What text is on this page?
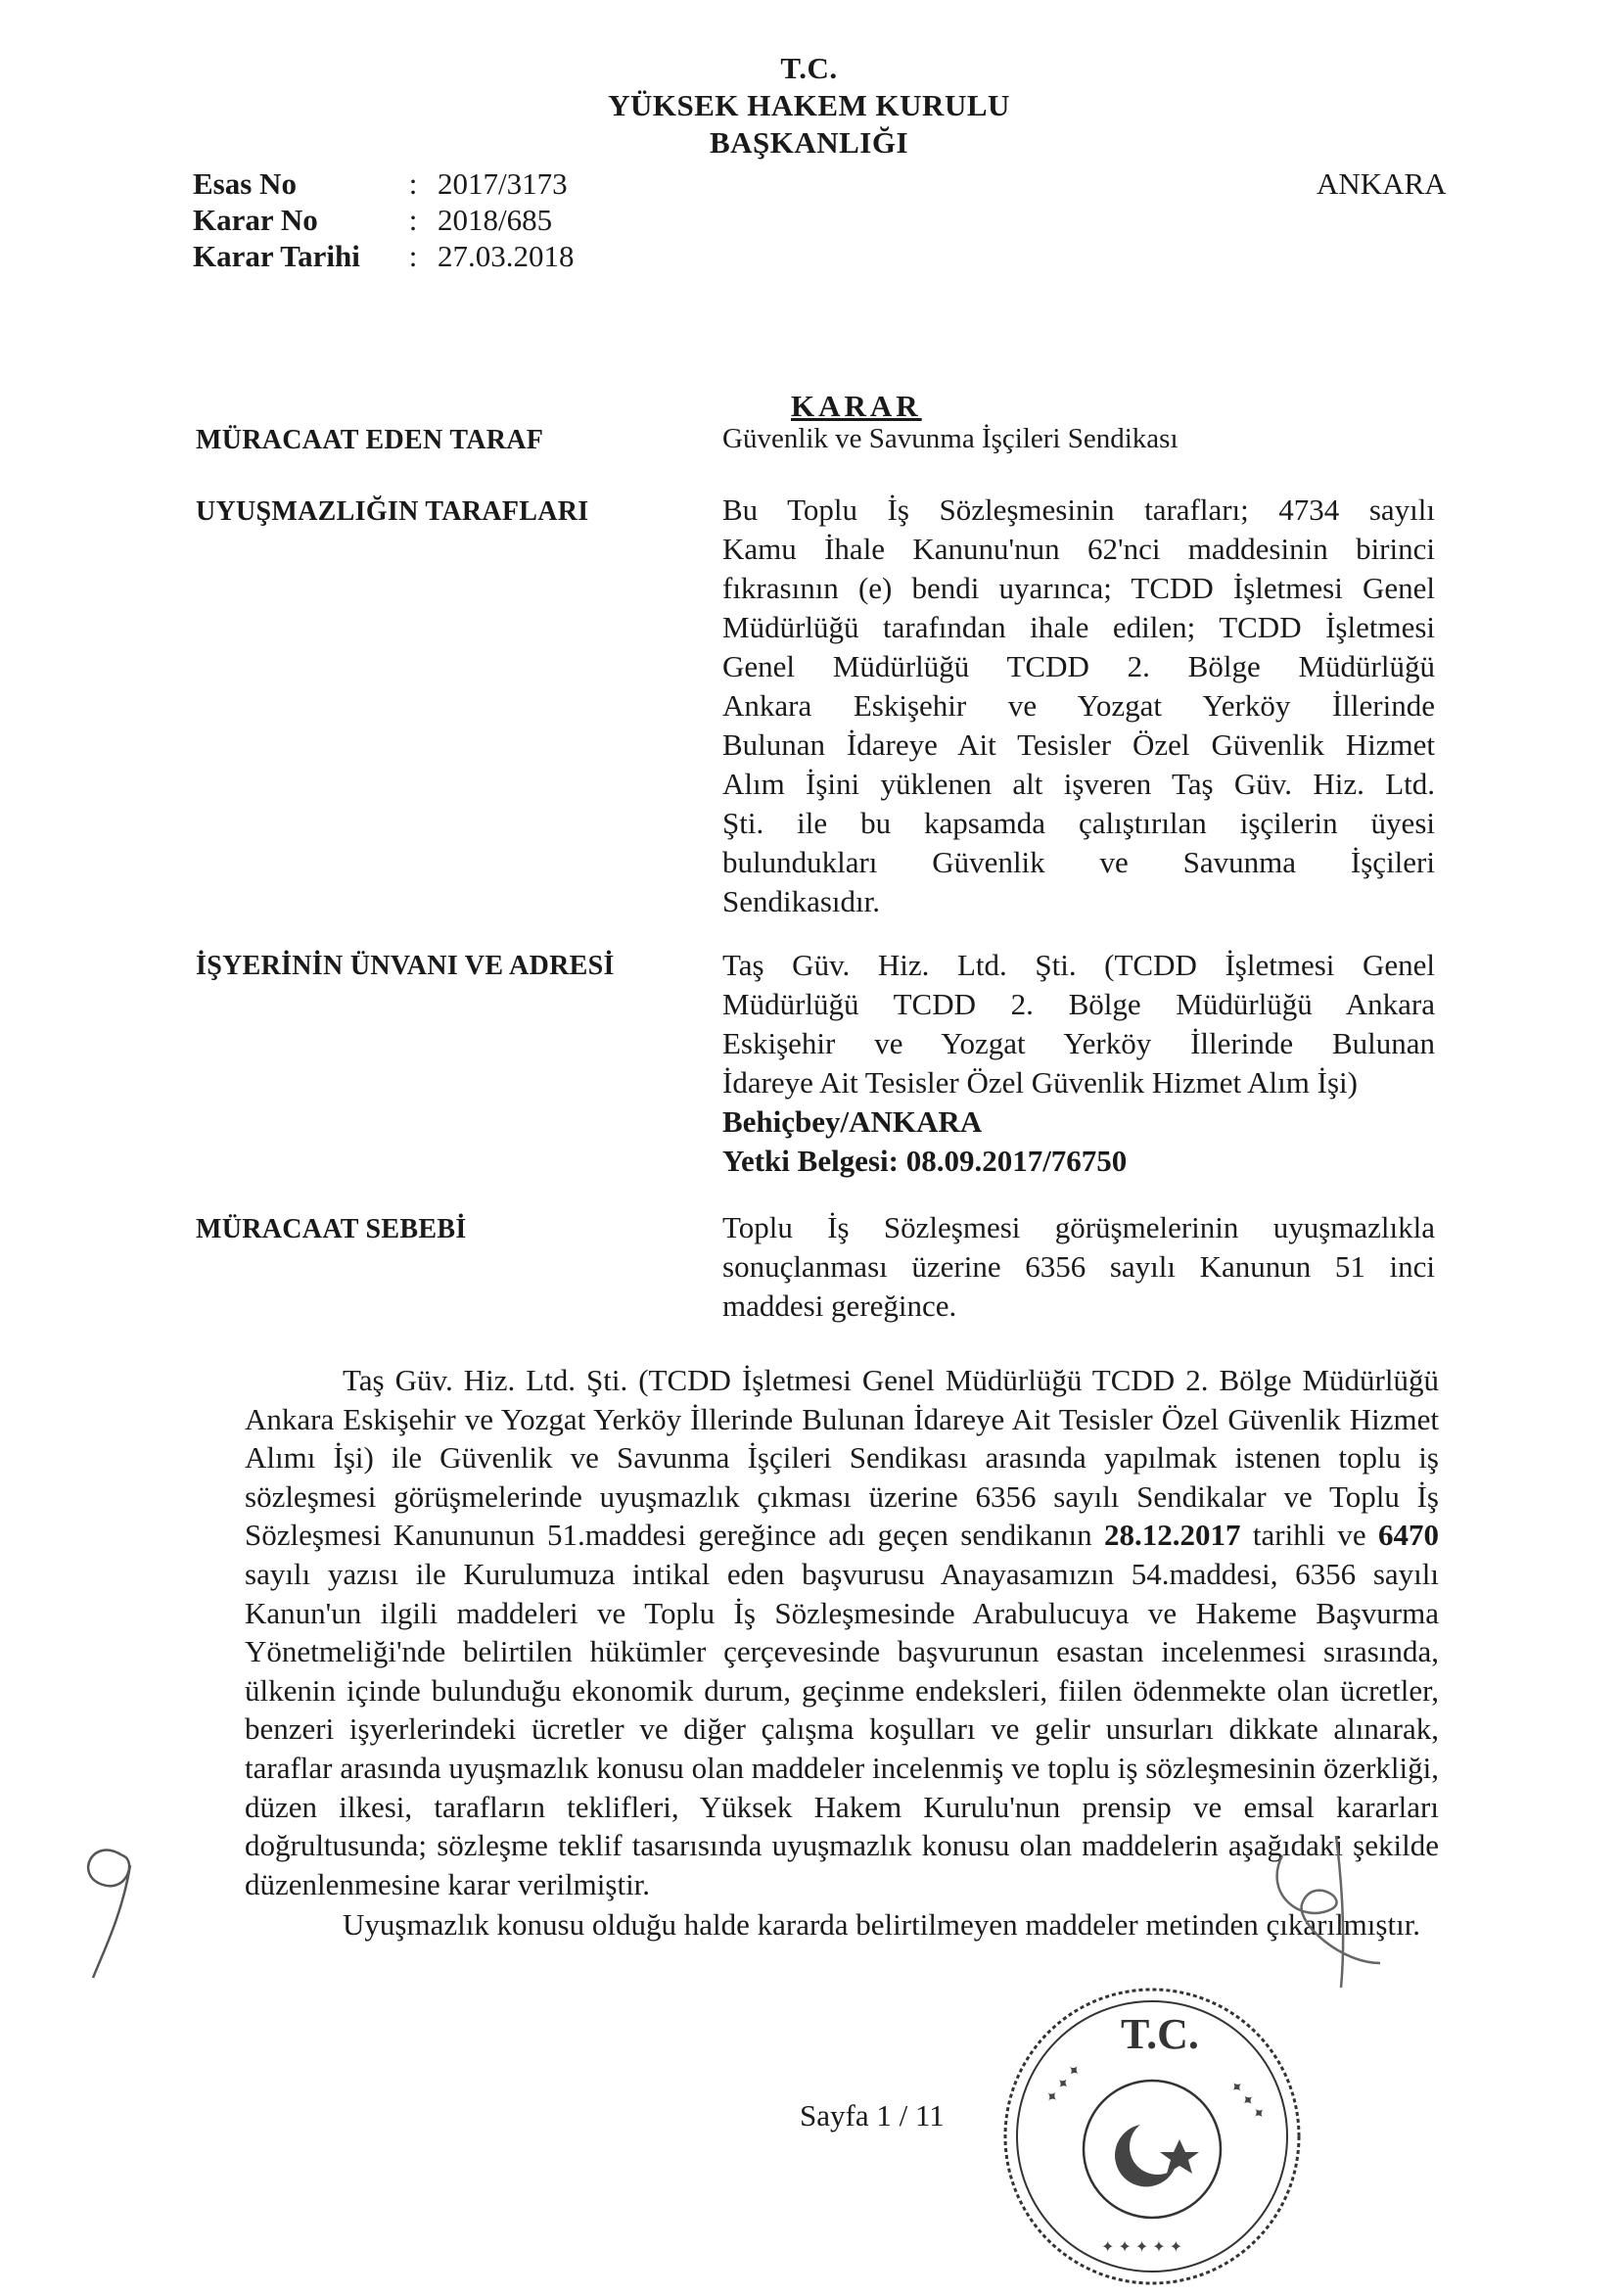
T.C.
YÜKSEK HAKEM KURULU
BAŞKANLIĞI
ANKARA
Esas No	: 2017/3173
Karar No	: 2018/685
Karar Tarihi	: 27.03.2018
KARAR
MÜRACAAT EDEN TARAF	Güvenlik ve Savunma İşçileri Sendikası
UYUŞMAZLIĞIN TARAFLARI	Bu Toplu İş Sözleşmesinin tarafları; 4734 sayılı
Kamu İhale Kanunu'nun 62'nci maddesinin birinci
fıkrasının (e) bendi uyarınca; TCDD İşletmesi Genel
Müdürlüğü tarafından ihale edilen; TCDD İşletmesi
Genel Müdürlüğü TCDD 2. Bölge Müdürlüğü
Ankara Eskişehir ve Yozgat Yerköy İllerinde
Bulunan İdareye Ait Tesisler Özel Güvenlik Hizmet
Alım İşini yüklenen alt işveren Taş Güv. Hiz. Ltd.
Şti. ile bu kapsamda çalıştırılan işçilerin üyesi
bulundukları Güvenlik ve Savunma İşçileri
Sendikasıdır.
İŞYERİNİN ÜNVANI VE ADRESİ	Taş Güv. Hiz. Ltd. Şti. (TCDD İşletmesi Genel
Müdürlüğü TCDD 2. Bölge Müdürlüğü Ankara
Eskişehir ve Yozgat Yerköy İllerinde Bulunan
İdareye Ait Tesisler Özel Güvenlik Hizmet Alım İşi)
Behiçbey/ANKARA
Yetki Belgesi: 08.09.2017/76750
MÜRACAAT SEBEBİ	Toplu İş Sözleşmesi görüşmelerinin uyuşmazlıkla
sonuçlanması üzerine 6356 sayılı Kanunun 51 inci
maddesi gereğince.
Taş Güv. Hiz. Ltd. Şti. (TCDD İşletmesi Genel Müdürlüğü TCDD 2. Bölge Müdürlüğü Ankara Eskişehir ve Yozgat Yerköy İllerinde Bulunan İdareye Ait Tesisler Özel Güvenlik Hizmet Alımı İşi) ile Güvenlik ve Savunma İşçileri Sendikası arasında yapılmak istenen toplu iş sözleşmesi görüşmelerinde uyuşmazlık çıkması üzerine 6356 sayılı Sendikalar ve Toplu İş Sözleşmesi Kanununun 51.maddesi gereğince adı geçen sendikanın 28.12.2017 tarihli ve 6470 sayılı yazısı ile Kurulumuza intikal eden başvurusu Anayasamızın 54.maddesi, 6356 sayılı Kanun'un ilgili maddeleri ve Toplu İş Sözleşmesinde Arabulucuya ve Hakeme Başvurma Yönetmeliği'nde belirtilen hükümler çerçevesinde başvurunun esastan incelenmesi sırasında, ülkenin içinde bulunduğu ekonomik durum, geçinme endeksleri, fiilen ödenmekte olan ücretler, benzeri işyerlerindeki ücretler ve diğer çalışma koşulları ve gelir unsurları dikkate alınarak, taraflar arasında uyuşmazlık konusu olan maddeler incelenmiş ve toplu iş sözleşmesinin özerkliği, düzen ilkesi, tarafların teklifleri, Yüksek Hakem Kurulu'nun prensip ve emsal kararları doğrultusunda; sözleşme teklif tasarısında uyuşmazlık konusu olan maddelerin aşağıdaki şekilde düzenlenmesine karar verilmiştir.
Uyuşmazlık konusu olduğu halde kararda belirtilmeyen maddeler metinden çıkarılmıştır.
T.C.
✦ ✦ ✦	✦ ✦ ✦
✦ ✦ ✦ ✦ ✦
Sayfa 1 / 11
